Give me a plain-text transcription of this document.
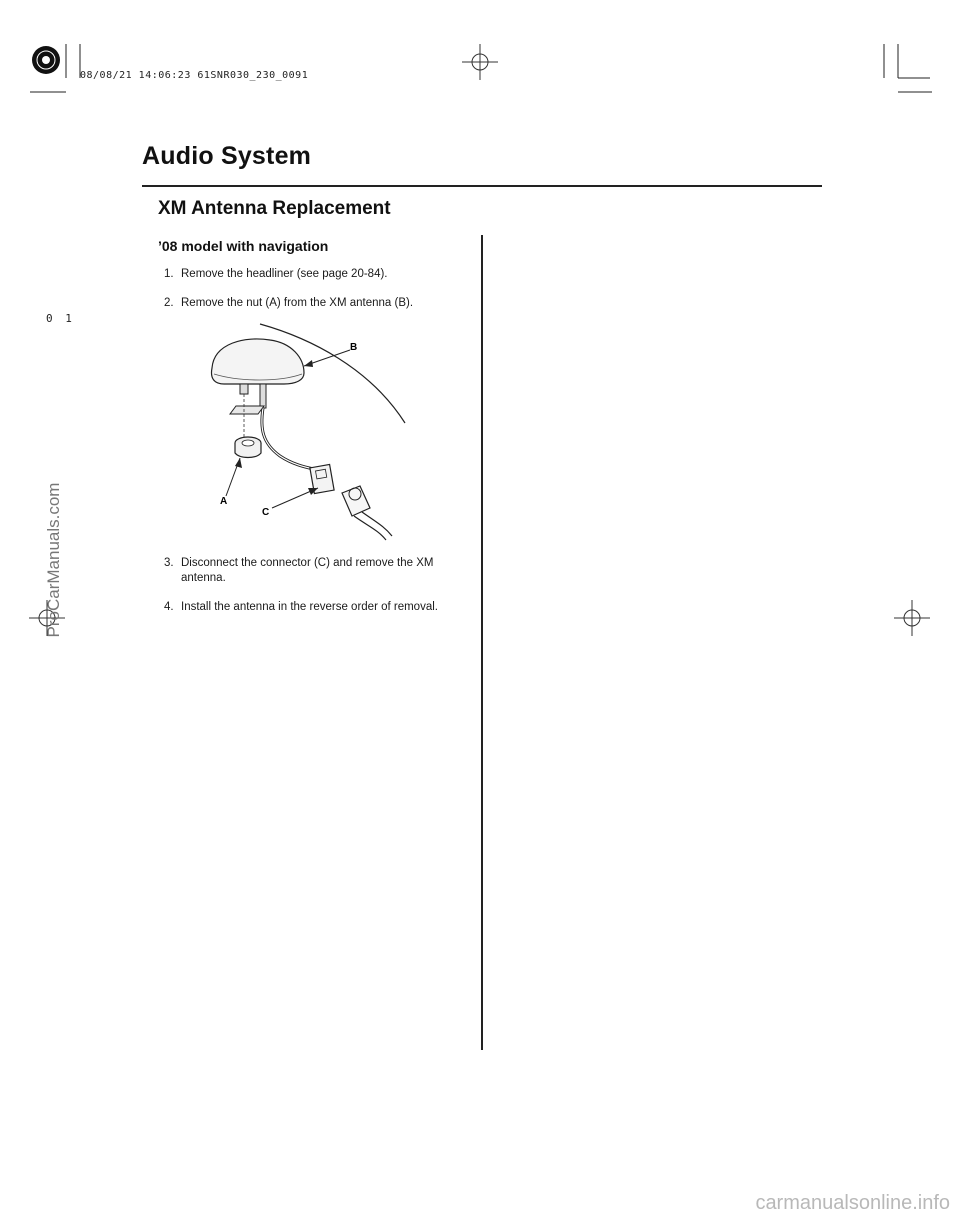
08/08/21 14:06:23 61SNR030_230_0091
0 1
ProCarManuals.com
Audio System
XM Antenna Replacement
’08 model with navigation
1. Remove the headliner (see page 20-84).
2. Remove the nut (A) from the XM antenna (B).
B
A
C
3. Disconnect the connector (C) and remove the XM
antenna.
4. Install the antenna in the reverse order of removal.
carmanualsonline.info
